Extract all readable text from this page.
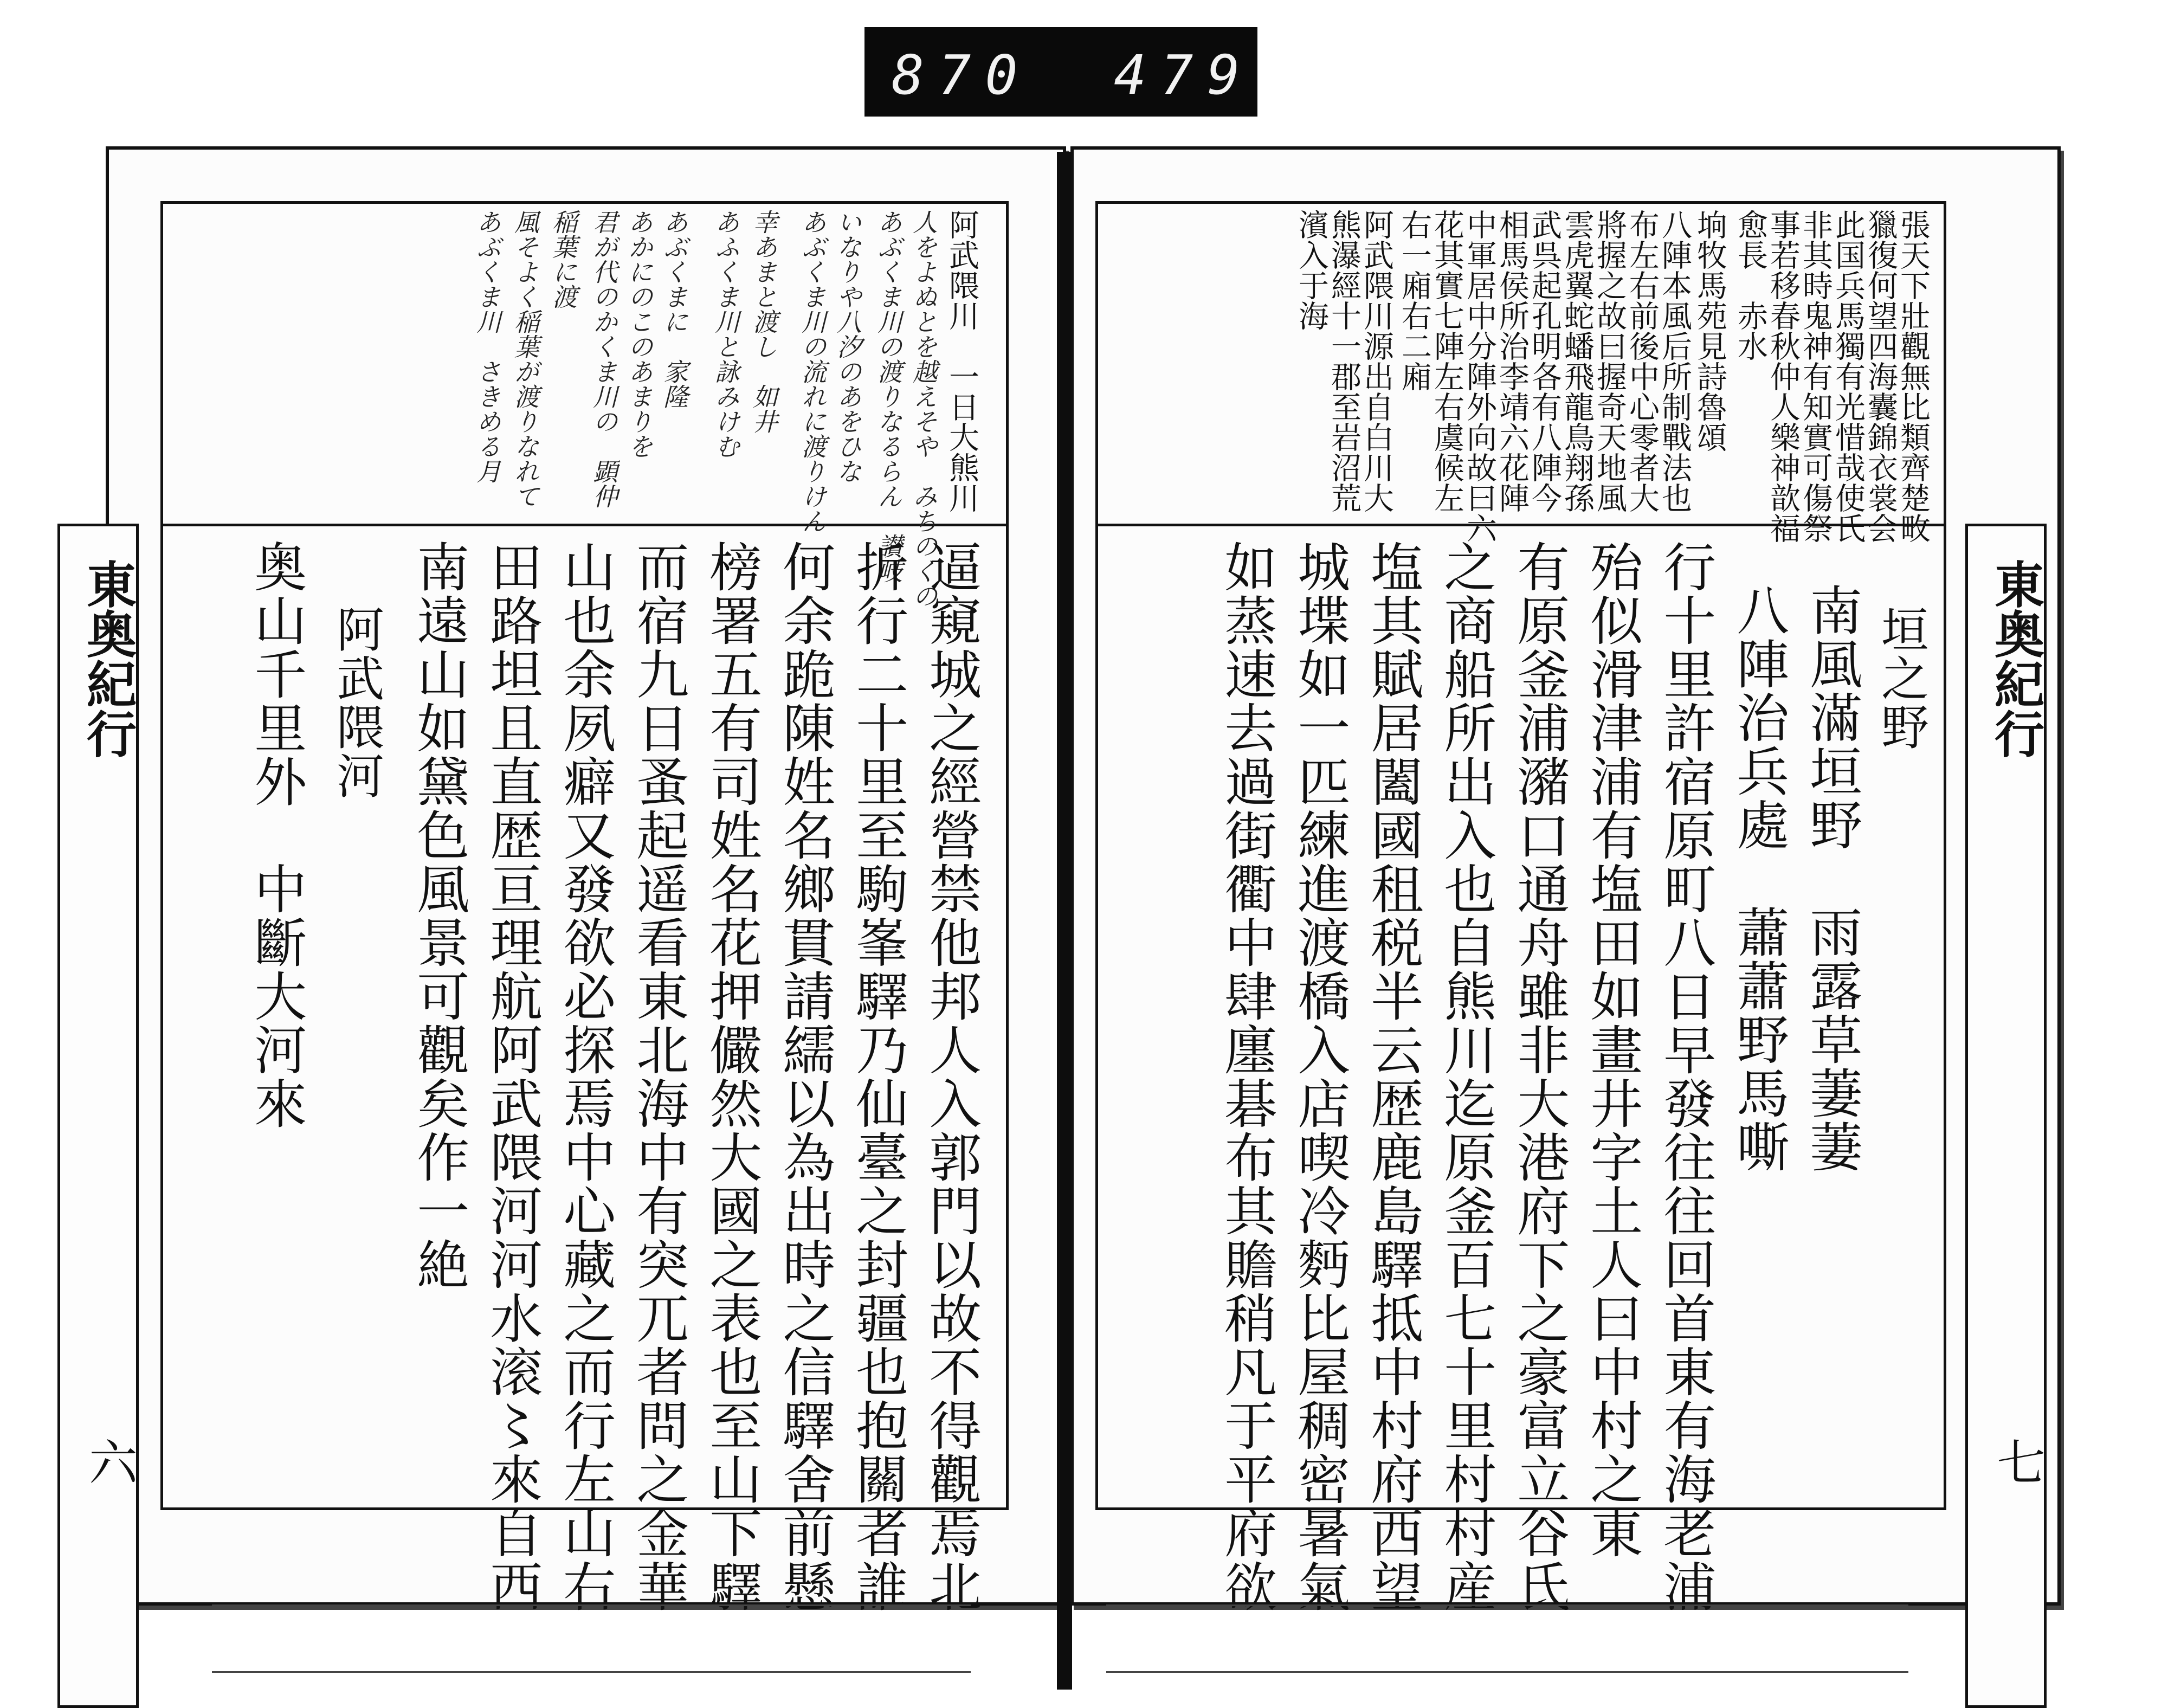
870 479
東奥紀行
六
阿武隈川　一日大熊川
人をよぬとを越えそや　みちのくの
あぶくま川の渡りなるらん　讃岐
いなりや八汐のあをひな
あぶくま川の流れに渡りけん
幸あまと渡し　如井
あふくま川と詠みけむ
あぶくまに　家隆
あかにのこのあまりを
君が代のかくま川の　顕仲
稲葉に渡
風そよく稲葉が渡りなれて
あぶくま川　さきめる月
逼窺城之經營禁他邦人入郭門以故不得觀焉北
折行二十里至駒峯驛乃仙臺之封疆也抱關者誰
何余跪陳姓名鄉貫請繻以為出時之信驛舍前懸
榜署五有司姓名花押儼然大國之表也至山下驛
而宿九日蚤起遥看東北海中有突兀者問之金華
山也余夙癖又發欲必探焉中心藏之而行左山右
田路坦且直歴亘理航阿武隈河河水滚〻來自西
南遠山如黛色風景可觀矣作一絶
阿武隈河
奥山千里外　中斷大河來	東奥紀行
七
張天下壯觀無比類齊楚畋
獵復何望四海囊錦衣裳会
此国兵馬獨有光惜哉使氏
非其時鬼神有知實可傷祭
事若移春秋仲人樂神歆福
愈長　赤水
垧牧馬苑見詩魯頌
八陣本風后所制戰法也
布左右前後中心零者大
將握之故曰握奇天地風
雲虎翼蛇蟠飛龍鳥翔孫
武呉起孔明各有八陣今
相馬侯所治李靖六花陣
中軍居中分陣外向故曰六
花其實七陣左右虞候左
右一廂右二廂
阿武隈川源出自白川大
熊瀑經十一郡至岩沼荒
濱入于海
垣之野
南風滿垣野　雨露草萋萋
八陣治兵處　蕭蕭野馬嘶
行十里許宿原町八日早發往往回首東有海老浦
殆似滑津浦有塩田如畫井字土人曰中村之東
有原釜浦瀦口通舟雖非大港府下之豪富立谷氏
之商船所出入也自熊川迄原釜百七十里村村産
塩其賦居闔國租税半云歴鹿島驛抵中村府西望
城堞如一匹練進渡橋入店喫冷麪比屋稠密暑氣
如蒸速去過街衢中肆廛碁布其贍稍凡于平府欲
